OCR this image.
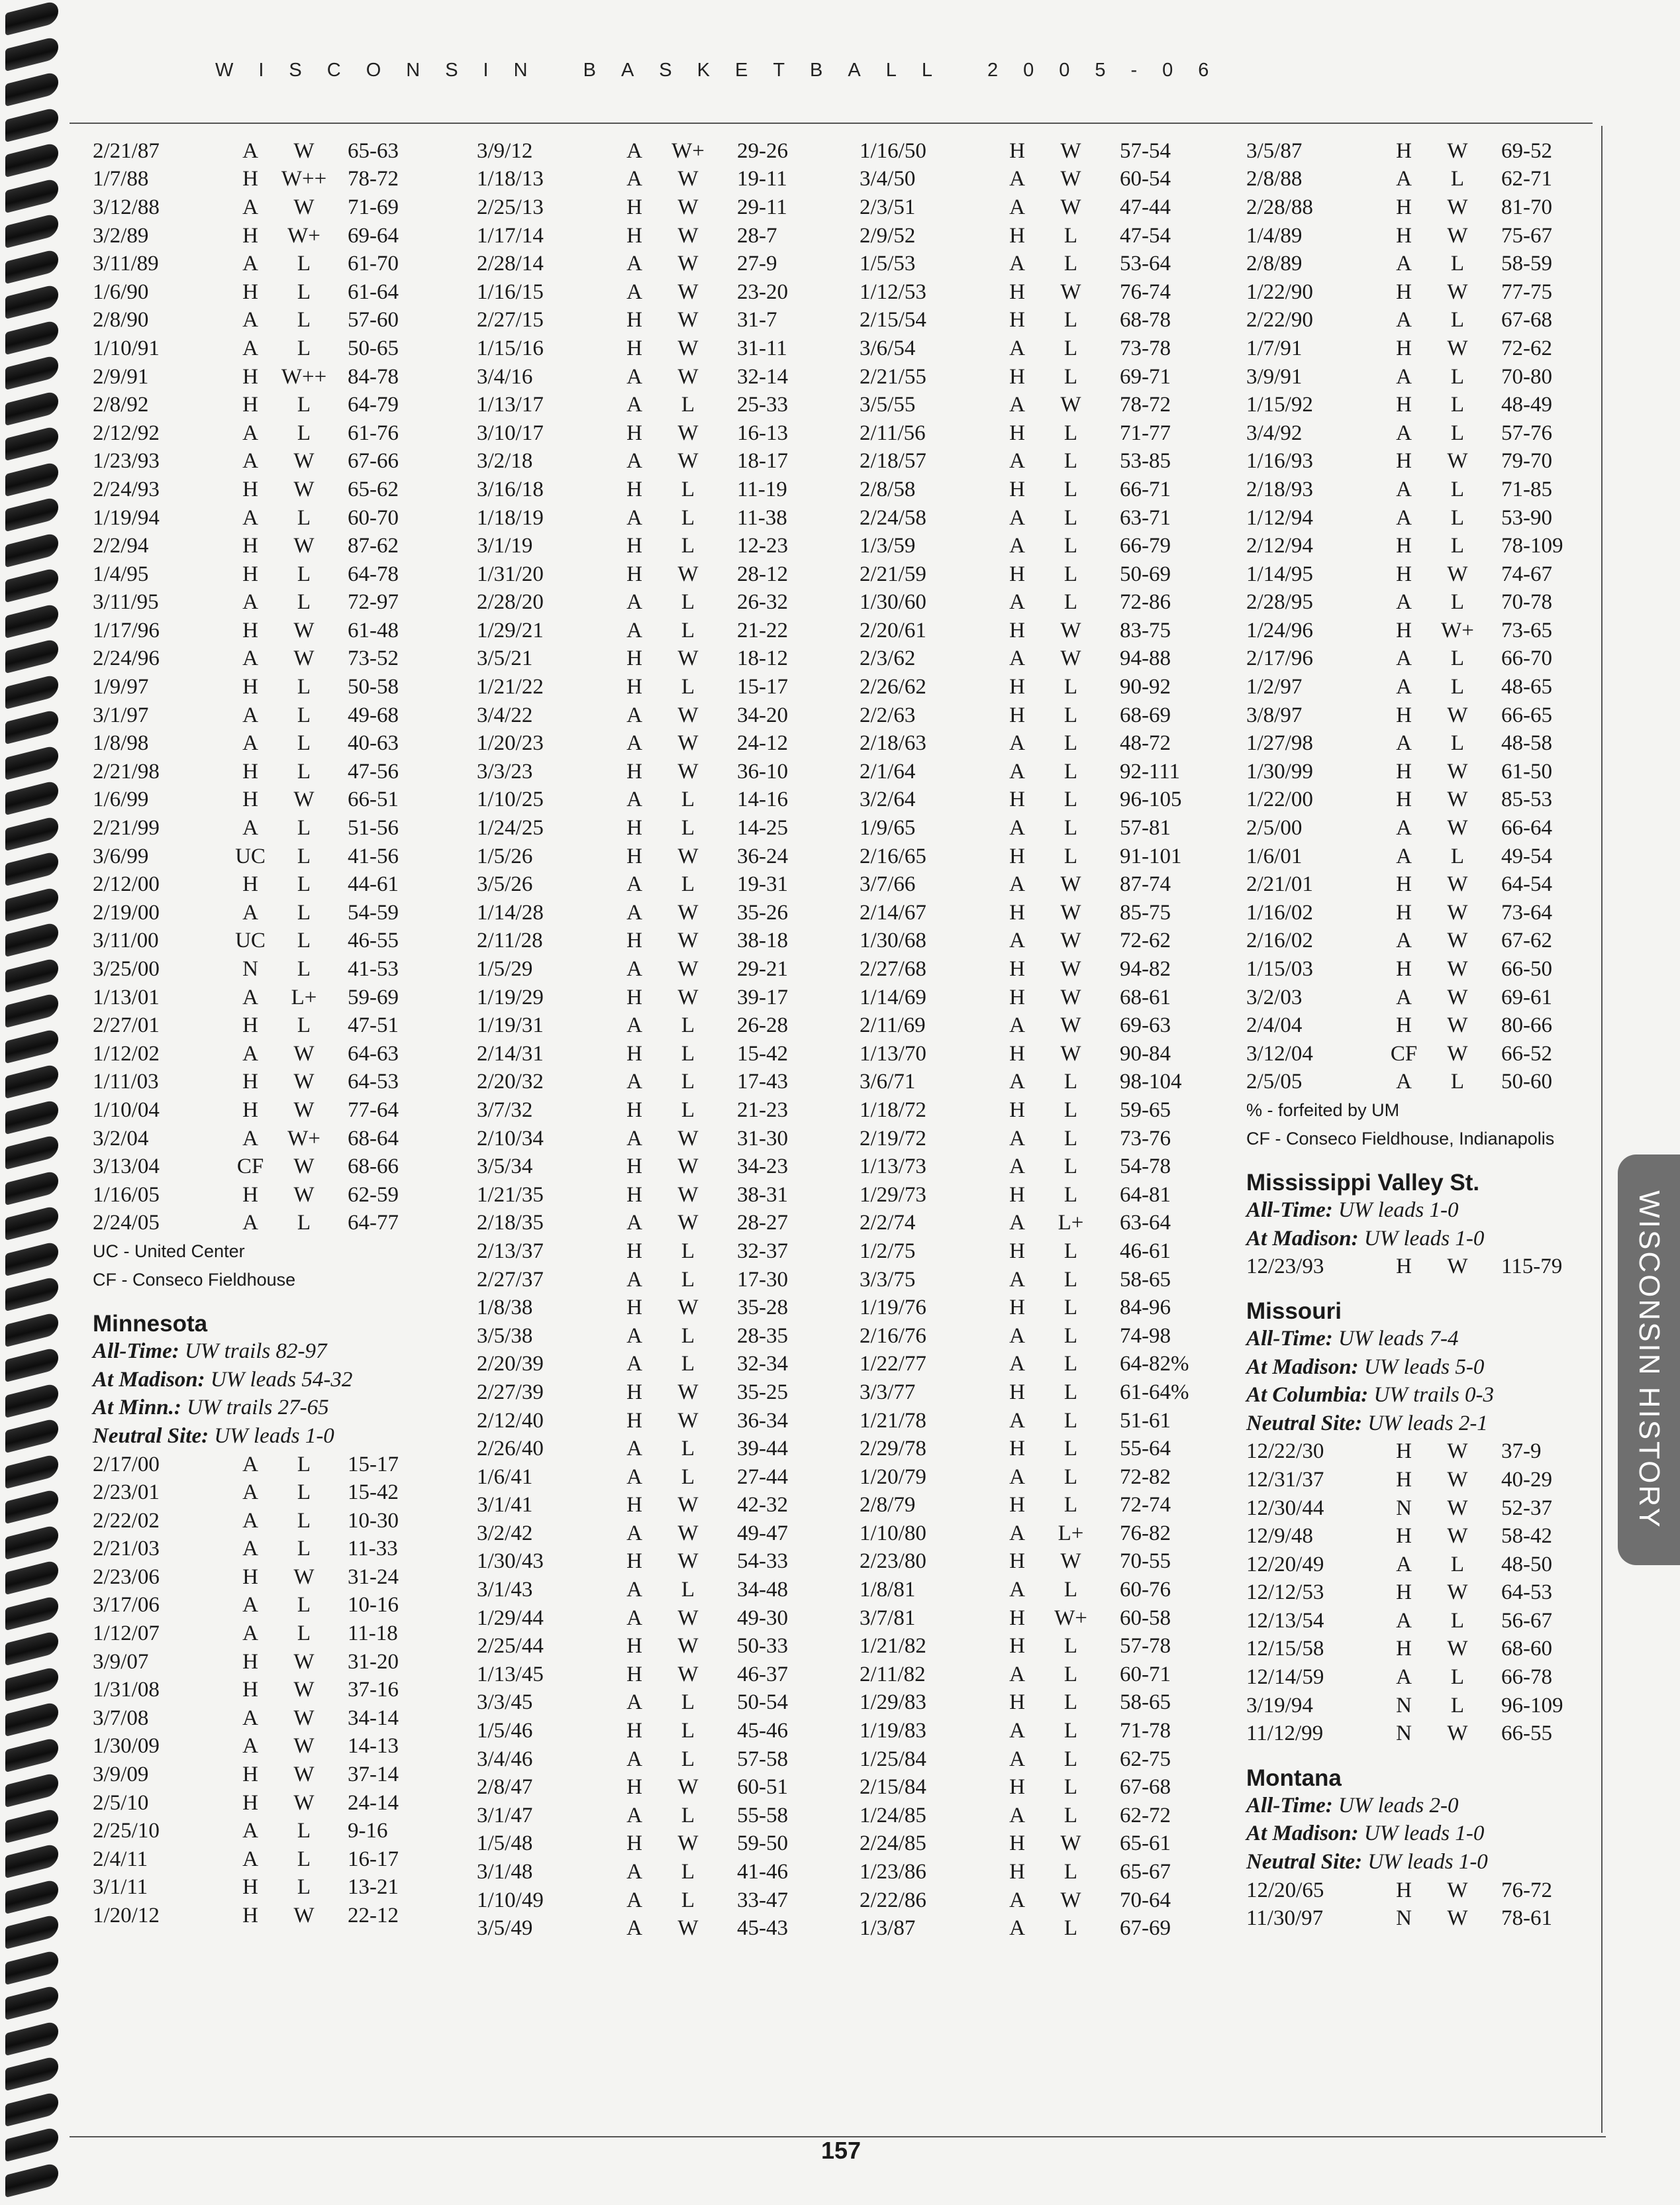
WISCONSIN BASKETBALL 2005-06
2/21/87	A	W	65-63
1/7/88	H	W++ 78-72
3/12/88	A	W	71-69
3/2/89	H	W+	69-64
3/11/89	A	L	61-70
1/6/90	H	L	61-64
2/8/90	A	L	57-60
1/10/91	A	L	50-65
2/9/91	H	W++ 84-78
2/8/92	H	L	64-79
2/12/92	A	L	61-76
1/23/93	A	W	67-66
2/24/93	H	W	65-62
1/19/94	A	L	60-70
2/2/94	H	W	87-62
1/4/95	H	L	64-78
3/11/95	A	L	72-97
1/17/96	H	W	61-48
2/24/96	A	W	73-52
1/9/97	H	L	50-58
3/1/97	A	L	49-68
1/8/98	A	L	40-63
2/21/98	H	L	47-56
1/6/99	H	W	66-51
2/21/99	A	L	51-56
3/6/99	UC	L	41-56
2/12/00	H	L	44-61
2/19/00	A	L	54-59
3/11/00	UC	L	46-55
3/25/00	N	L	41-53
1/13/01	A	L+	59-69
2/27/01	H	L	47-51
1/12/02	A	W	64-63
1/11/03	H	W	64-53
1/10/04	H	W	77-64
3/2/04	A	W+	68-64
3/13/04	CF	W	68-66
1/16/05	H	W	62-59
2/24/05	A	L	64-77
UC - United Center
CF - Conseco Fieldhouse
Minnesota
All-Time:
UW trails 82-97
At Madison:
UW leads 54-32
At Minn.:
UW trails 27-65
Neutral Site:
UW leads 1-0
2/17/00	A	L	15-17
2/23/01	A	L	15-42
2/22/02	A	L	10-30
2/21/03	A	L	11-33
2/23/06	H	W	31-24
3/17/06	A	L	10-16
1/12/07	A	L	11-18
3/9/07	H	W	31-20
1/31/08	H	W	37-16
3/7/08	A	W	34-14
1/30/09	A	W	14-13
3/9/09	H	W	37-14
2/5/10	H	W	24-14
2/25/10	A	L	9-16
2/4/11	A	L	16-17
3/1/11	H	L	13-21
1/20/12	H	W	22-12
3/9/12	A	W+	29-26
1/18/13	A	W	19-11
2/25/13	H	W	29-11
1/17/14	H	W	28-7
2/28/14	A	W	27-9
1/16/15	A	W	23-20
2/27/15	H	W	31-7
1/15/16	H	W	31-11
3/4/16	A	W	32-14
1/13/17	A	L	25-33
3/10/17	H	W	16-13
3/2/18	A	W	18-17
3/16/18	H	L	11-19
1/18/19	A	L	11-38
3/1/19	H	L	12-23
1/31/20	H	W	28-12
2/28/20	A	L	26-32
1/29/21	A	L	21-22
3/5/21	H	W	18-12
1/21/22	H	L	15-17
3/4/22	A	W	34-20
1/20/23	A	W	24-12
3/3/23	H	W	36-10
1/10/25	A	L	14-16
1/24/25	H	L	14-25
1/5/26	H	W	36-24
3/5/26	A	L	19-31
1/14/28	A	W	35-26
2/11/28	H	W	38-18
1/5/29	A	W	29-21
1/19/29	H	W	39-17
1/19/31	A	L	26-28
2/14/31	H	L	15-42
2/20/32	A	L	17-43
3/7/32	H	L	21-23
2/10/34	A	W	31-30
3/5/34	H	W	34-23
1/21/35	H	W	38-31
2/18/35	A	W	28-27
2/13/37	H	L	32-37
2/27/37	A	L	17-30
1/8/38	H	W	35-28
3/5/38	A	L	28-35
2/20/39	A	L	32-34
2/27/39	H	W	35-25
2/12/40	H	W	36-34
2/26/40	A	L	39-44
1/6/41	A	L	27-44
3/1/41	H	W	42-32
3/2/42	A	W	49-47
1/30/43	H	W	54-33
3/1/43	A	L	34-48
1/29/44	A	W	49-30
2/25/44	H	W	50-33
1/13/45	H	W	46-37
3/3/45	A	L	50-54
1/5/46	H	L	45-46
3/4/46	A	L	57-58
2/8/47	H	W	60-51
3/1/47	A	L	55-58
1/5/48	H	W	59-50
3/1/48	A	L	41-46
1/10/49	A	L	33-47
3/5/49	A	W	45-43
1/16/50	H	W	57-54
3/4/50	A	W	60-54
2/3/51	A	W	47-44
2/9/52	H	L	47-54
1/5/53	A	L	53-64
1/12/53	H	W	76-74
2/15/54	H	L	68-78
3/6/54	A	L	73-78
2/21/55	H	L	69-71
3/5/55	A	W	78-72
2/11/56	H	L	71-77
2/18/57	A	L	53-85
2/8/58	H	L	66-71
2/24/58	A	L	63-71
1/3/59	A	L	66-79
2/21/59	H	L	50-69
1/30/60	A	L	72-86
2/20/61	H	W	83-75
2/3/62	A	W	94-88
2/26/62	H	L	90-92
2/2/63	H	L	68-69
2/18/63	A	L	48-72
2/1/64	A	L	92-111
3/2/64	H	L	96-105
1/9/65	A	L	57-81
2/16/65	H	L	91-101
3/7/66	A	W	87-74
2/14/67	H	W	85-75
1/30/68	A	W	72-62
2/27/68	H	W	94-82
1/14/69	H	W	68-61
2/11/69	A	W	69-63
1/13/70	H	W	90-84
3/6/71	A	L	98-104
1/18/72	H	L	59-65
2/19/72	A	L	73-76
1/13/73	A	L	54-78
1/29/73	H	L	64-81
2/2/74	A	L+	63-64
1/2/75	H	L	46-61
3/3/75	A	L	58-65
1/19/76	H	L	84-96
2/16/76	A	L	74-98
1/22/77	A	L	64-82%
3/3/77	H	L	61-64%
1/21/78	A	L	51-61
2/29/78	H	L	55-64
1/20/79	A	L	72-82
2/8/79	H	L	72-74
1/10/80	A	L+	76-82
2/23/80	H	W	70-55
1/8/81	A	L	60-76
3/7/81	H	W+	60-58
1/21/82	H	L	57-78
2/11/82	A	L	60-71
1/29/83	H	L	58-65
1/19/83	A	L	71-78
1/25/84	A	L	62-75
2/15/84	H	L	67-68
1/24/85	A	L	62-72
2/24/85	H	W	65-61
1/23/86	H	L	65-67
2/22/86	A	W	70-64
1/3/87	A	L	67-69
3/5/87	H	W	69-52
2/8/88	A	L	62-71
2/28/88	H	W	81-70
1/4/89	H	W	75-67
2/8/89	A	L	58-59
1/22/90	H	W	77-75
2/22/90	A	L	67-68
1/7/91	H	W	72-62
3/9/91	A	L	70-80
1/15/92	H	L	48-49
3/4/92	A	L	57-76
1/16/93	H	W	79-70
2/18/93	A	L	71-85
1/12/94	A	L	53-90
2/12/94	H	L	78-109
1/14/95	H	W	74-67
2/28/95	A	L	70-78
1/24/96	H	W+	73-65
2/17/96	A	L	66-70
1/2/97	A	L	48-65
3/8/97	H	W	66-65
1/27/98	A	L	48-58
1/30/99	H	W	61-50
1/22/00	H	W	85-53
2/5/00	A	W	66-64
1/6/01	A	L	49-54
2/21/01	H	W	64-54
1/16/02	H	W	73-64
2/16/02	A	W	67-62
1/15/03	H	W	66-50
3/2/03	A	W	69-61
2/4/04	H	W	80-66
3/12/04	CF	W	66-52
2/5/05	A	L	50-60
% - forfeited by UM
CF - Conseco Fieldhouse, Indianapolis
Mississippi Valley St.
All-Time:
UW leads 1-0
At Madison:
UW leads 1-0
12/23/93	H	W	115-79
Missouri
All-Time:
UW leads 7-4
At Madison:
UW leads 5-0
At Columbia:
UW trails 0-3
Neutral Site:
UW leads 2-1
12/22/30	H	W	37-9
12/31/37	H	W	40-29
12/30/44	N	W	52-37
12/9/48	H	W	58-42
12/20/49	A	L	48-50
12/12/53	H	W	64-53
12/13/54	A	L	56-67
12/15/58	H	W	68-60
12/14/59	A	L	66-78
3/19/94	N	L	96-109
11/12/99	N	W	66-55
Montana
All-Time:
UW leads 2-0
At Madison:
UW leads 1-0
Neutral Site:
UW leads 1-0
12/20/65	H	W	76-72
11/30/97	N	W	78-61
WISCONSIN HISTORY
157
